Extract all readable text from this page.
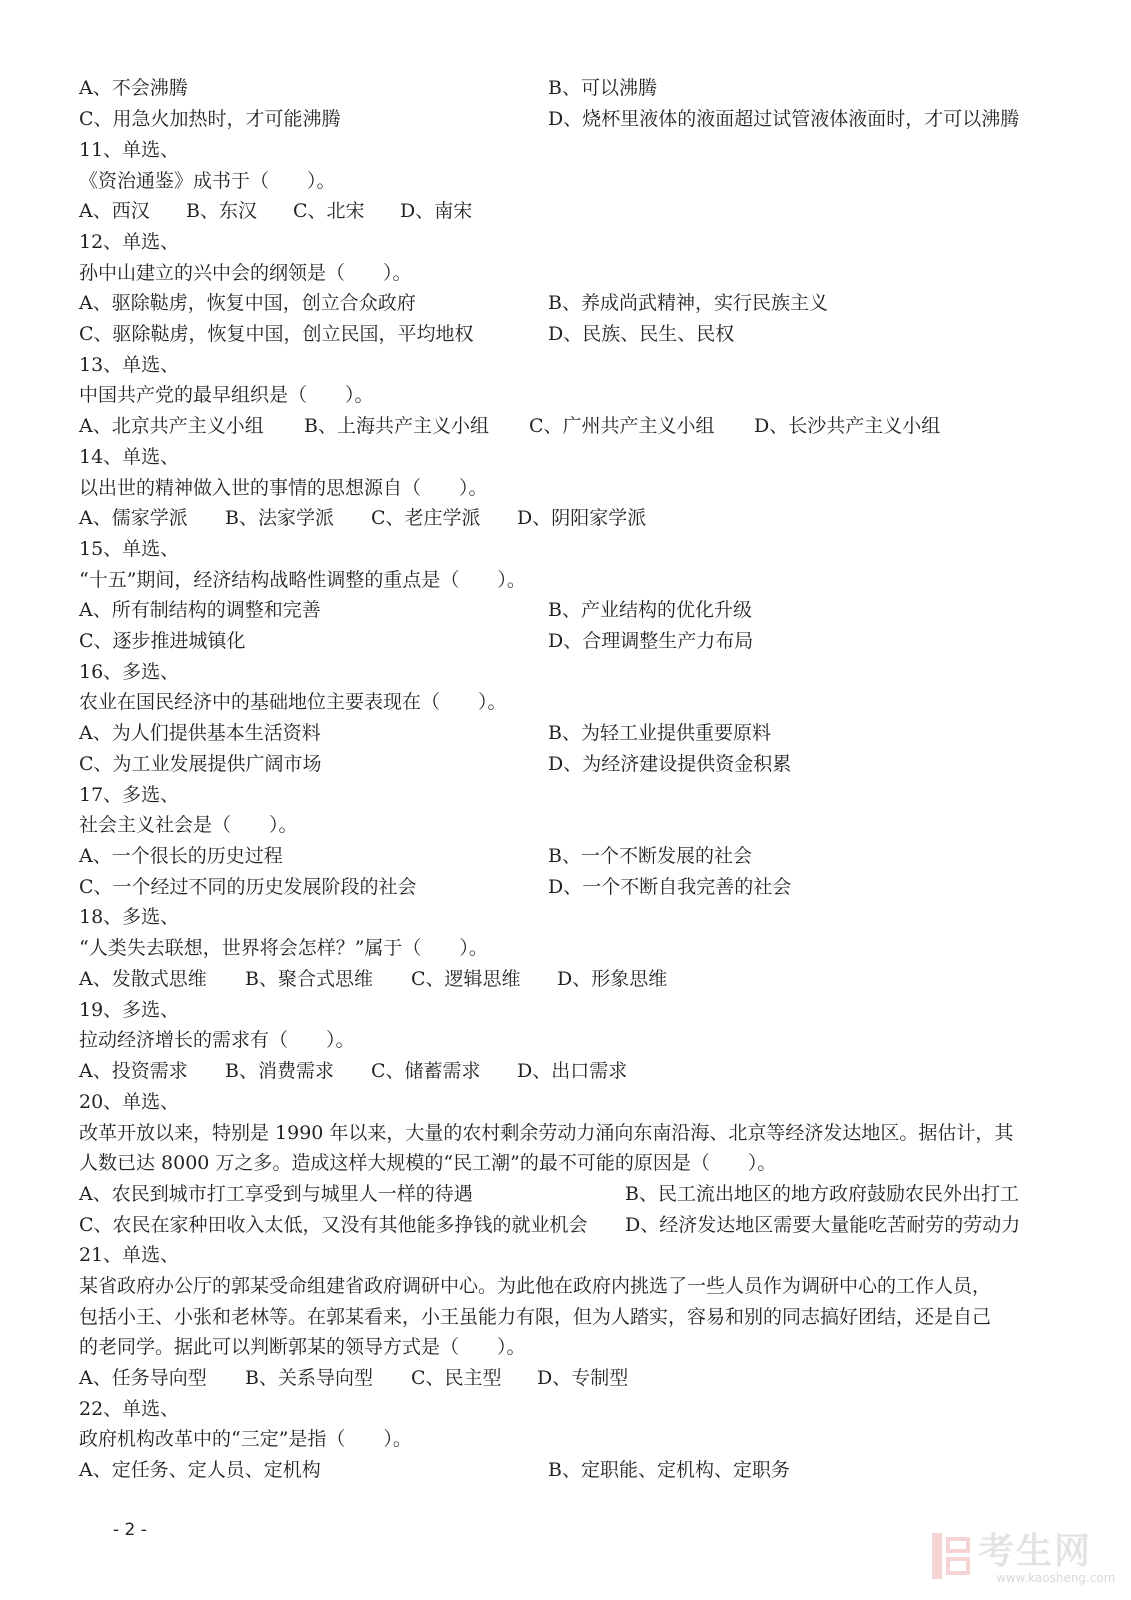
A、不会沸腾	B、可以沸腾
C、用急火加热时，才可能沸腾	D、烧杯里液体的液面超过试管液体液面时，才可以沸腾
11、单选、
《资治通鉴》成书于（　　）。
A、西汉 B、东汉 C、北宋 D、南宋
12、单选、
孙中山建立的兴中会的纲领是（　　）。
A、驱除鞑虏，恢复中国，创立合众政府	B、养成尚武精神，实行民族主义
C、驱除鞑虏，恢复中国，创立民国，平均地权	D、民族、民生、民权
13、单选、
中国共产党的最早组织是（　　）。
A、北京共产主义小组 B、上海共产主义小组 C、广州共产主义小组 D、长沙共产主义小组
14、单选、
以出世的精神做入世的事情的思想源自（　　）。
A、儒家学派 B、法家学派 C、老庄学派 D、阴阳家学派
15、单选、
“十五”期间，经济结构战略性调整的重点是（　　）。
A、所有制结构的调整和完善	B、产业结构的优化升级
C、逐步推进城镇化	D、合理调整生产力布局
16、多选、
农业在国民经济中的基础地位主要表现在（　　）。
A、为人们提供基本生活资料	B、为轻工业提供重要原料
C、为工业发展提供广阔市场	D、为经济建设提供资金积累
17、多选、
社会主义社会是（　　）。
A、一个很长的历史过程	B、一个不断发展的社会
C、一个经过不同的历史发展阶段的社会	D、一个不断自我完善的社会
18、多选、
“人类失去联想，世界将会怎样？”属于（　　）。
A、发散式思维 B、聚合式思维 C、逻辑思维 D、形象思维
19、多选、
拉动经济增长的需求有（　　）。
A、投资需求 B、消费需求 C、储蓄需求 D、出口需求
20、单选、
改革开放以来，特别是 1990 年以来，大量的农村剩余劳动力涌向东南沿海、北京等经济发达地区。据估计，其
人数已达 8000 万之多。造成这样大规模的“民工潮”的最不可能的原因是（　　）。
A、农民到城市打工享受到与城里人一样的待遇	B、民工流出地区的地方政府鼓励农民外出打工
C、农民在家种田收入太低，又没有其他能多挣钱的就业机会 D、经济发达地区需要大量能吃苦耐劳的劳动力
21、单选、
某省政府办公厅的郭某受命组建省政府调研中心。为此他在政府内挑选了一些人员作为调研中心的工作人员，
包括小王、小张和老林等。在郭某看来，小王虽能力有限，但为人踏实，容易和别的同志搞好团结，还是自己
的老同学。据此可以判断郭某的领导方式是（　　）。
A、任务导向型 B、关系导向型 C、民主型 D、专制型
22、单选、
政府机构改革中的“三定”是指（　　）。
A、定任务、定人员、定机构	B、定职能、定机构、定职务
- 2 -
考生网
www.kaosheng.com
